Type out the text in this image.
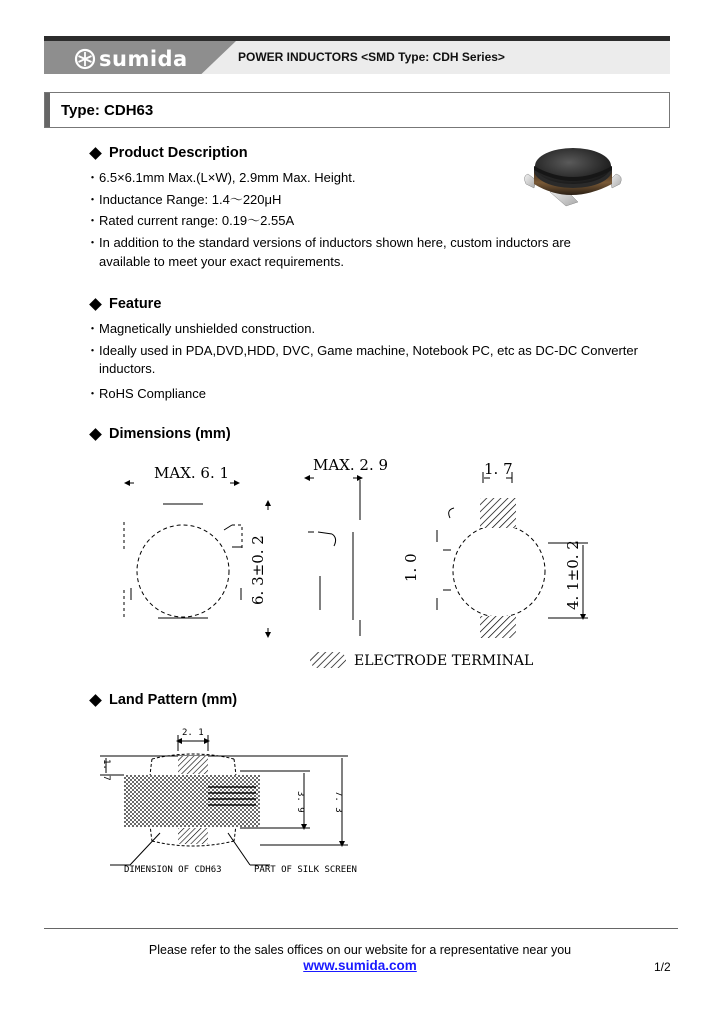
sumida	POWER INDUCTORS <SMD Type: CDH Series>
Type: CDH63
Product Description
・6.5×6.1mm Max.(L×W), 2.9mm Max. Height.
・Inductance Range: 1.4～220μH
・Rated current range: 0.19～2.55A
・In addition to the standard versions of inductors shown here, custom inductors are
available to meet your exact requirements.
Feature
・Magnetically unshielded construction.
・Ideally used in PDA,DVD,HDD, DVC, Game machine, Notebook PC, etc as DC-DC Converter
inductors.
・RoHS Compliance
Dimensions (mm)
MAX. 6. 1	MAX. 2. 9	1. 7
6. 3±0. 2	1. 0	4. 1±0. 2
ELECTRODE TERMINAL
Land Pattern (mm)
2. 1
1. 7
3. 9	7. 3
DIMENSION OF CDH63	PART OF SILK SCREEN
Please refer to the sales offices on our website for a representative near you
www.sumida.com	1/2
